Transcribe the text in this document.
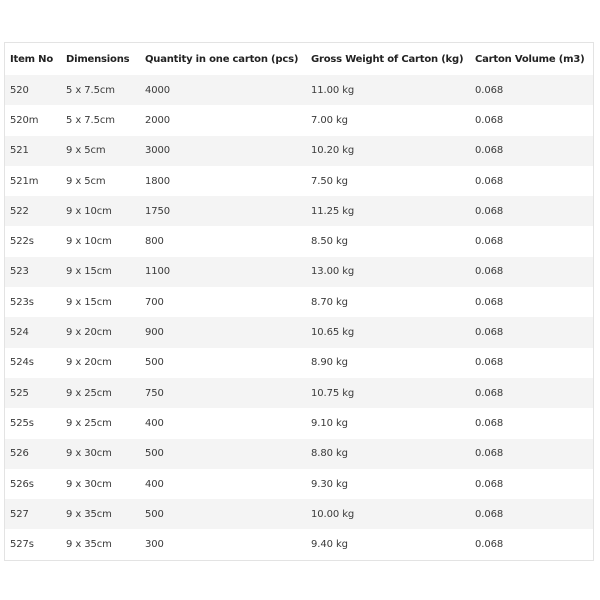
Item No	Dimensions	Quantity in one carton (pcs)	Gross Weight of Carton (kg)	Carton Volume (m3)
520	5 x 7.5cm	4000	11.00 kg	0.068
520m	5 x 7.5cm	2000	7.00 kg	0.068
521	9 x 5cm	3000	10.20 kg	0.068
521m	9 x 5cm	1800	7.50 kg	0.068
522	9 x 10cm	1750	11.25 kg	0.068
522s	9 x 10cm	800	8.50 kg	0.068
523	9 x 15cm	1100	13.00 kg	0.068
523s	9 x 15cm	700	8.70 kg	0.068
524	9 x 20cm	900	10.65 kg	0.068
524s	9 x 20cm	500	8.90 kg	0.068
525	9 x 25cm	750	10.75 kg	0.068
525s	9 x 25cm	400	9.10 kg	0.068
526	9 x 30cm	500	8.80 kg	0.068
526s	9 x 30cm	400	9.30 kg	0.068
527	9 x 35cm	500	10.00 kg	0.068
527s	9 x 35cm	300	9.40 kg	0.068
